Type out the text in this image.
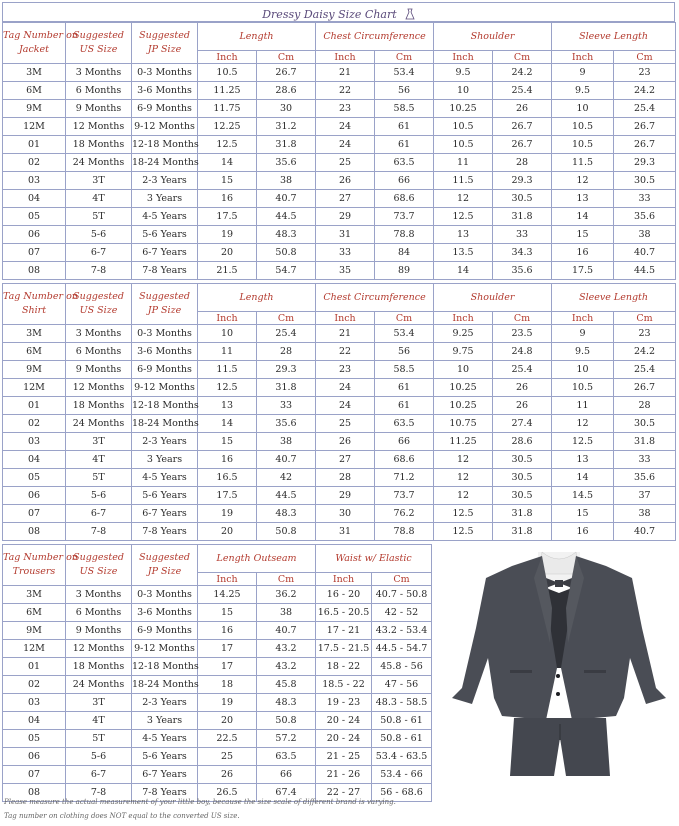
Dressy Daisy Size Chart
Tag Number on
Jacket	Suggested
US Size	Suggested
JP Size	Length		Chest Circumference		Shoulder		Sleeve Length	
			Inch	Cm	Inch	Cm	Inch	Cm	Inch	Cm
3M	3 Months	0-3 Months	10.5	26.7	21	53.4	9.5	24.2	9	23
6M	6 Months	3-6 Months	11.25	28.6	22	56	10	25.4	9.5	24.2
9M	9 Months	6-9 Months	11.75	30	23	58.5	10.25	26	10	25.4
12M	12 Months	9-12 Months	12.25	31.2	24	61	10.5	26.7	10.5	26.7
01	18 Months	12-18 Months	12.5	31.8	24	61	10.5	26.7	10.5	26.7
02	24 Months	18-24 Months	14	35.6	25	63.5	11	28	11.5	29.3
03	3T	2-3 Years	15	38	26	66	11.5	29.3	12	30.5
04	4T	3 Years	16	40.7	27	68.6	12	30.5	13	33
05	5T	4-5 Years	17.5	44.5	29	73.7	12.5	31.8	14	35.6
06	5-6	5-6 Years	19	48.3	31	78.8	13	33	15	38
07	6-7	6-7 Years	20	50.8	33	84	13.5	34.3	16	40.7
08	7-8	7-8 Years	21.5	54.7	35	89	14	35.6	17.5	44.5
Tag Number on
Shirt	Suggested
US Size	Suggested
JP Size	Length		Chest Circumference		Shoulder		Sleeve Length	
			Inch	Cm	Inch	Cm	Inch	Cm	Inch	Cm
3M	3 Months	0-3 Months	10	25.4	21	53.4	9.25	23.5	9	23
6M	6 Months	3-6 Months	11	28	22	56	9.75	24.8	9.5	24.2
9M	9 Months	6-9 Months	11.5	29.3	23	58.5	10	25.4	10	25.4
12M	12 Months	9-12 Months	12.5	31.8	24	61	10.25	26	10.5	26.7
01	18 Months	12-18 Months	13	33	24	61	10.25	26	11	28
02	24 Months	18-24 Months	14	35.6	25	63.5	10.75	27.4	12	30.5
03	3T	2-3 Years	15	38	26	66	11.25	28.6	12.5	31.8
04	4T	3 Years	16	40.7	27	68.6	12	30.5	13	33
05	5T	4-5 Years	16.5	42	28	71.2	12	30.5	14	35.6
06	5-6	5-6 Years	17.5	44.5	29	73.7	12	30.5	14.5	37
07	6-7	6-7 Years	19	48.3	30	76.2	12.5	31.8	15	38
08	7-8	7-8 Years	20	50.8	31	78.8	12.5	31.8	16	40.7
Tag Number on
Trousers	Suggested
US Size	Suggested
JP Size	Length Outseam		Waist w/ Elastic	
			Inch	Cm	Inch	Cm
3M	3 Months	0-3 Months	14.25	36.2	16 - 20	40.7 - 50.8
6M	6 Months	3-6 Months	15	38	16.5 - 20.5	42 - 52
9M	9 Months	6-9 Months	16	40.7	17 - 21	43.2 - 53.4
12M	12 Months	9-12 Months	17	43.2	17.5 - 21.5	44.5 - 54.7
01	18 Months	12-18 Months	17	43.2	18 - 22	45.8 - 56
02	24 Months	18-24 Months	18	45.8	18.5 - 22	47 - 56
03	3T	2-3 Years	19	48.3	19 - 23	48.3 - 58.5
04	4T	3 Years	20	50.8	20 - 24	50.8 - 61
05	5T	4-5 Years	22.5	57.2	20 - 24	50.8 - 61
06	5-6	5-6 Years	25	63.5	21 - 25	53.4 - 63.5
07	6-7	6-7 Years	26	66	21 - 26	53.4 - 66
08	7-8	7-8 Years	26.5	67.4	22 - 27	56 - 68.6
Please measure the actual measurement of your little boy, because the size scale of different brand is varying.
Tag number on clothing does NOT equal to the converted US size.
